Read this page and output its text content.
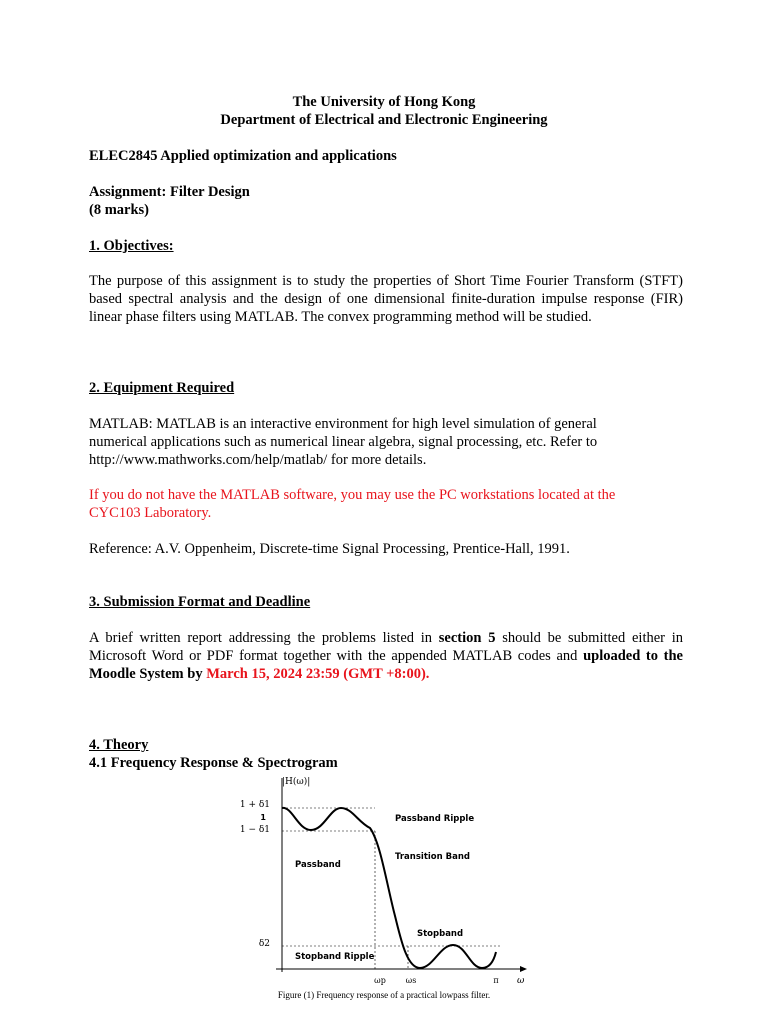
The University of Hong Kong
Department of Electrical and Electronic Engineering
ELEC2845 Applied optimization and applications
Assignment: Filter Design
(8 marks)
1. Objectives:
The purpose of this assignment is to study the properties of Short Time Fourier Transform (STFT) based spectral analysis and the design of one dimensional finite-duration impulse response (FIR) linear phase filters using MATLAB. The convex programming method will be studied.
2. Equipment Required
MATLAB: MATLAB is an interactive environment for high level simulation of general numerical applications such as numerical linear algebra, signal processing, etc. Refer to http://www.mathworks.com/help/matlab/ for more details.
If you do not have the MATLAB software, you may use the PC workstations located at the CYC103 Laboratory.
Reference: A.V. Oppenheim, Discrete-time Signal Processing, Prentice-Hall, 1991.
3. Submission Format and Deadline
A brief written report addressing the problems listed in section 5 should be submitted either in Microsoft Word or PDF format together with the appended MATLAB codes and uploaded to the Moodle System by March 15, 2024 23:59 (GMT +8:00).
4. Theory
4.1 Frequency Response & Spectrogram
|H(ω)|
ω
1 + δ1
1
1 − δ1
δ2
ωp ωs	π
Passband Ripple
Transition Band
Passband
Stopband
Stopband Ripple
Figure (1) Frequency response of a practical lowpass filter.
